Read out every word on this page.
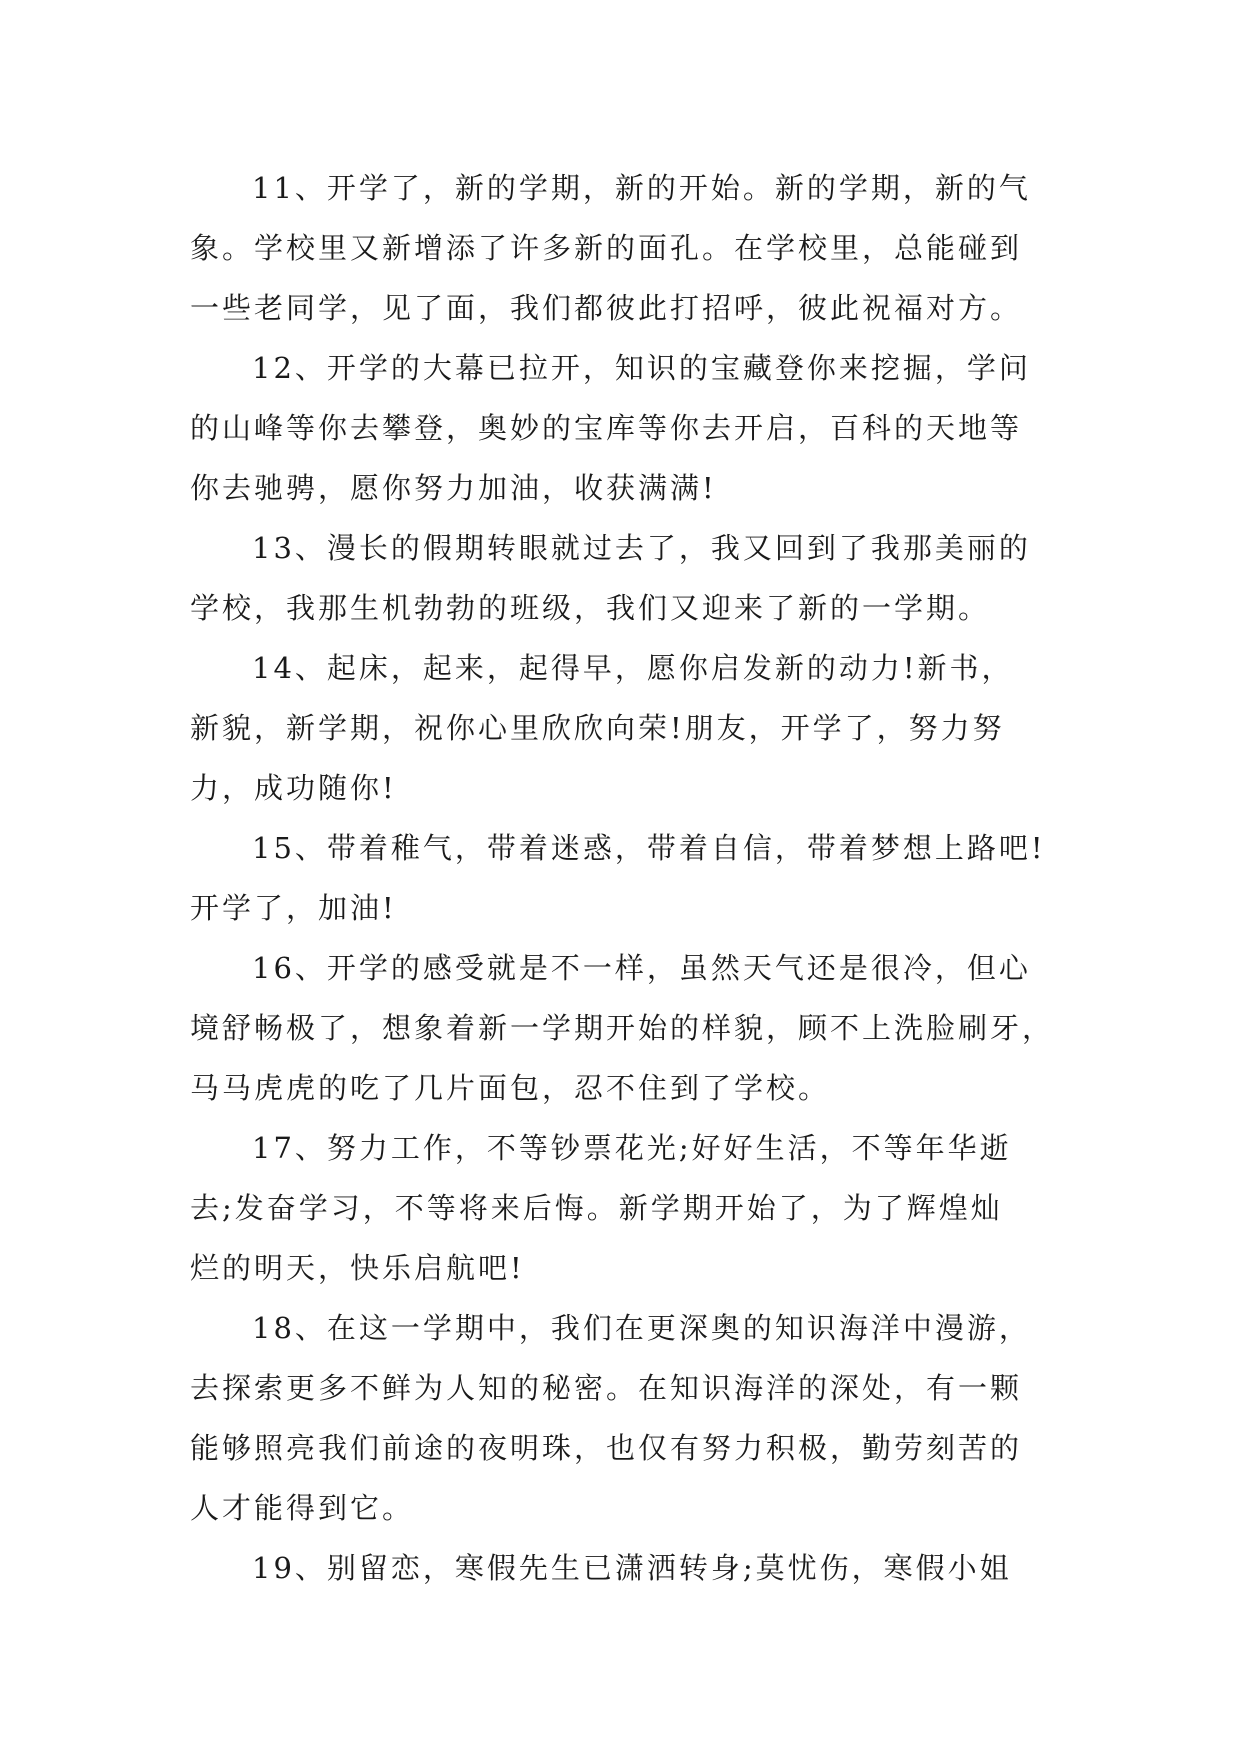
11、开学了，新的学期，新的开始。新的学期，新的气
象。学校里又新增添了许多新的面孔。在学校里，总能碰到
一些老同学，见了面，我们都彼此打招呼，彼此祝福对方。
12、开学的大幕已拉开，知识的宝藏登你来挖掘，学问
的山峰等你去攀登，奥妙的宝库等你去开启，百科的天地等
你去驰骋，愿你努力加油，收获满满!
13、漫长的假期转眼就过去了，我又回到了我那美丽的
学校，我那生机勃勃的班级，我们又迎来了新的一学期。
14、起床，起来，起得早，愿你启发新的动力!新书，
新貌，新学期，祝你心里欣欣向荣!朋友，开学了，努力努
力，成功随你!
15、带着稚气，带着迷惑，带着自信，带着梦想上路吧!
开学了，加油!
16、开学的感受就是不一样，虽然天气还是很冷，但心
境舒畅极了，想象着新一学期开始的样貌，顾不上洗脸刷牙，
马马虎虎的吃了几片面包，忍不住到了学校。
17、努力工作，不等钞票花光;好好生活，不等年华逝
去;发奋学习，不等将来后悔。新学期开始了，为了辉煌灿
烂的明天，快乐启航吧!
18、在这一学期中，我们在更深奥的知识海洋中漫游，
去探索更多不鲜为人知的秘密。在知识海洋的深处，有一颗
能够照亮我们前途的夜明珠，也仅有努力积极，勤劳刻苦的
人才能得到它。
19、别留恋，寒假先生已潇洒转身;莫忧伤，寒假小姐
